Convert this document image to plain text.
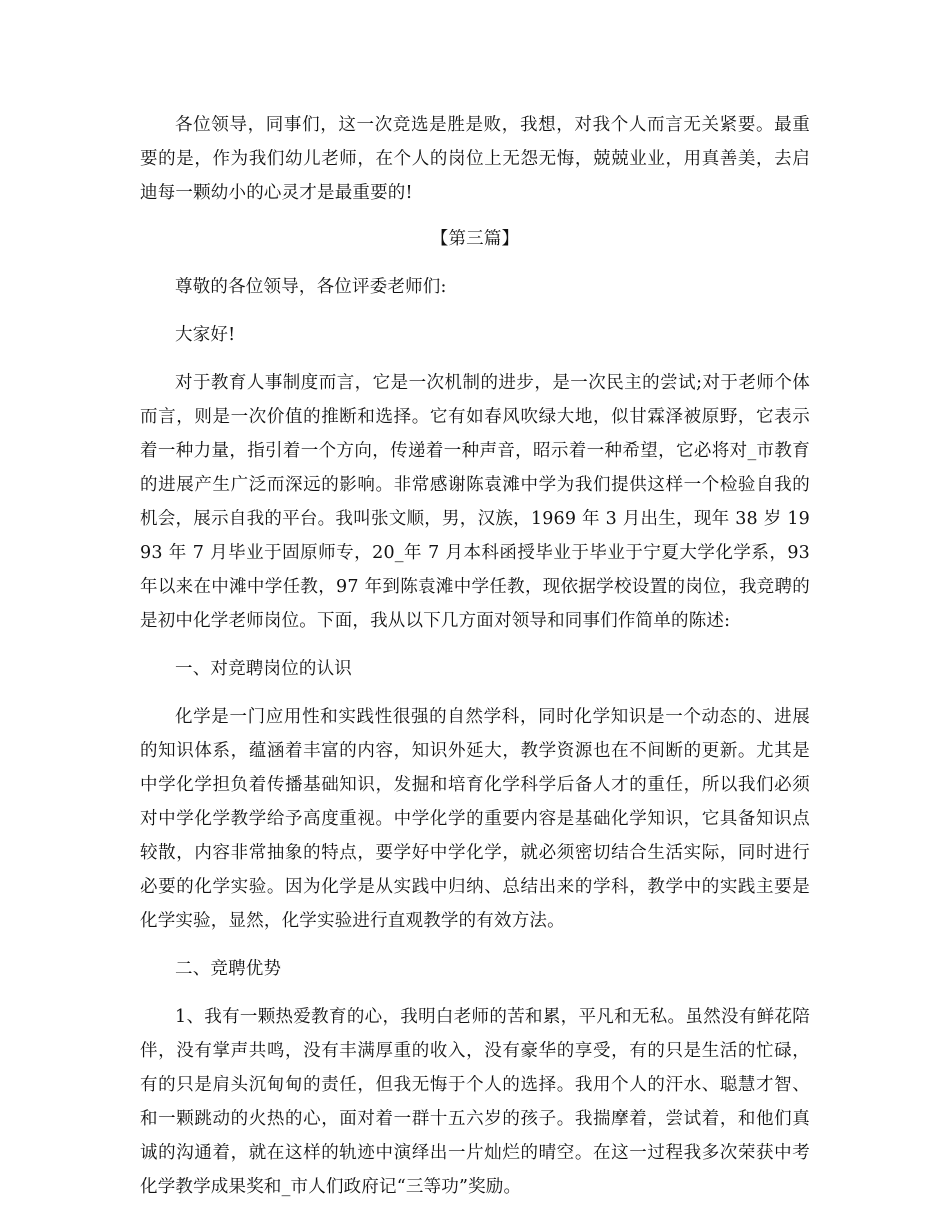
各位领导，同事们，这一次竞选是胜是败，我想，对我个人而言无关紧要。最重要的是，作为我们幼儿老师，在个人的岗位上无怨无悔，兢兢业业，用真善美，去启迪每一颗幼小的心灵才是最重要的!

【第三篇】

尊敬的各位领导，各位评委老师们:

大家好!

对于教育人事制度而言，它是一次机制的进步，是一次民主的尝试;对于老师个体而言，则是一次价值的推断和选择。它有如春风吹绿大地，似甘霖泽被原野，它表示着一种力量，指引着一个方向，传递着一种声音，昭示着一种希望，它必将对_市教育的进展产生广泛而深远的影响。非常感谢陈袁滩中学为我们提供这样一个检验自我的机会，展示自我的平台。我叫张文顺，男，汉族，1969 年 3 月出生，现年 38 岁 1993 年 7 月毕业于固原师专，20_年 7 月本科函授毕业于毕业于宁夏大学化学系，93 年以来在中滩中学任教，97 年到陈袁滩中学任教，现依据学校设置的岗位，我竞聘的是初中化学老师岗位。下面，我从以下几方面对领导和同事们作简单的陈述:

一、对竞聘岗位的认识

化学是一门应用性和实践性很强的自然学科，同时化学知识是一个动态的、进展的知识体系，蕴涵着丰富的内容，知识外延大，教学资源也在不间断的更新。尤其是中学化学担负着传播基础知识，发掘和培育化学科学后备人才的重任，所以我们必须对中学化学教学给予高度重视。中学化学的重要内容是基础化学知识，它具备知识点较散，内容非常抽象的特点，要学好中学化学，就必须密切结合生活实际，同时进行必要的化学实验。因为化学是从实践中归纳、总结出来的学科，教学中的实践主要是化学实验，显然，化学实验进行直观教学的有效方法。

二、竞聘优势

1、我有一颗热爱教育的心，我明白老师的苦和累，平凡和无私。虽然没有鲜花陪伴，没有掌声共鸣，没有丰满厚重的收入，没有豪华的享受，有的只是生活的忙碌，有的只是肩头沉甸甸的责任，但我无悔于个人的选择。我用个人的汗水、聪慧才智、和一颗跳动的火热的心，面对着一群十五六岁的孩子。我揣摩着，尝试着，和他们真诚的沟通着，就在这样的轨迹中演绎出一片灿烂的晴空。在这一过程我多次荣获中考化学教学成果奖和_市人们政府记“三等功”奖励。
